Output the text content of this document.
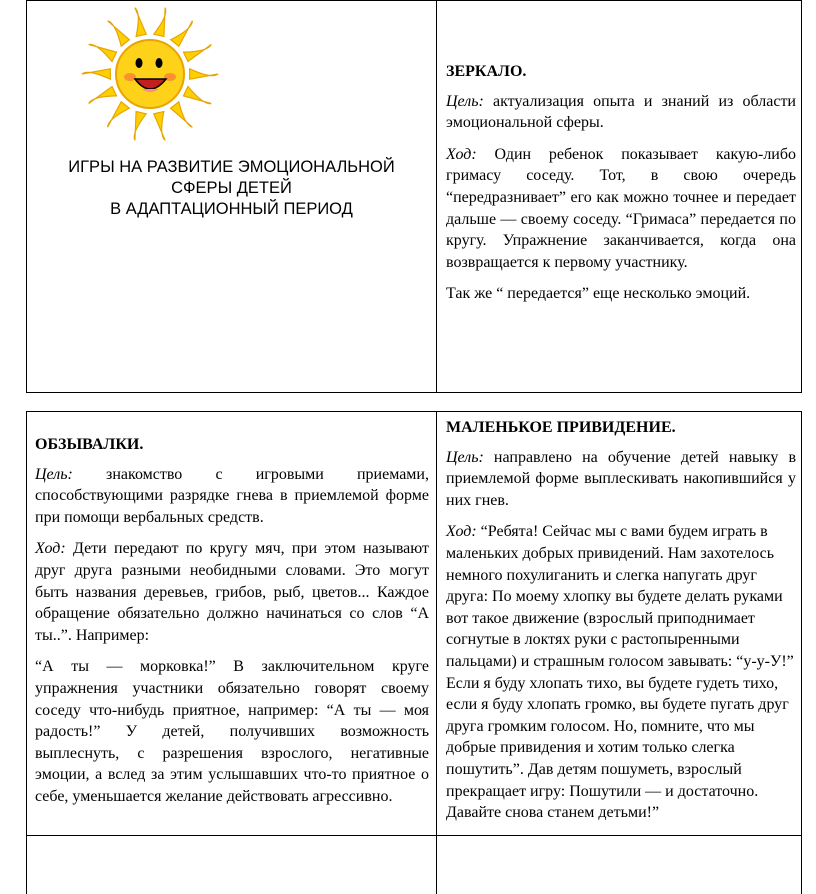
ИГРЫ НА РАЗВИТИЕ ЭМОЦИОНАЛЬНОЙ
СФЕРЫ ДЕТЕЙ
В АДАПТАЦИОННЫЙ ПЕРИОД

ЗЕРКАЛО.

Цель: актуализация опыта и знаний из области эмоциональной сферы.

Ход: Один ребенок показывает какую-либо гримасу соседу. Тот, в свою очередь “передразнивает” его как можно точнее и передает дальше — своему соседу. “Гримаса” передается по кругу. Упражнение заканчивается, когда она возвращается к первому участнику.

Так же “ передается” еще несколько эмоций.

ОБЗЫВАЛКИ.

Цель: знакомство с игровыми приемами, способствующими разрядке гнева в приемлемой форме при помощи вербальных средств.

Ход: Дети передают по кругу мяч, при этом называют друг друга разными необидными словами. Это могут быть названия деревьев, грибов, рыб, цветов... Каждое обращение обязательно должно начинаться со слов “А ты..”. Например:

“А ты — морковка!” В заключительном круге упражнения участники обязательно говорят своему соседу что-нибудь приятное, например: “А ты — моя радость!” У детей, получивших возможность выплеснуть, с разрешения взрослого, негативные эмоции, а вслед за этим услышавших что-то приятное о себе, уменьшается желание действовать агрессивно.

МАЛЕНЬКОЕ ПРИВИДЕНИЕ.

Цель: направлено на обучение детей навыку в приемлемой форме выплескивать накопившийся у них гнев.

Ход: “Ребята! Сейчас мы с вами будем играть в маленьких добрых привидений. Нам захотелось немного похулиганить и слегка напугать друг друга: По моему хлопку вы будете делать руками вот такое движение (взрослый приподнимает согнутые в локтях руки с растопыренными пальцами) и страшным голосом завывать: “у-у-У!” Если я буду хлопать тихо, вы будете гудеть тихо, если я буду хлопать громко, вы будете пугать друг друга громким голосом. Но, помните, что мы добрые привидения и хотим только слегка пошутить”. Дав детям пошуметь, взрослый прекращает игру: Пошутили — и достаточно. Давайте снова станем детьми!”
